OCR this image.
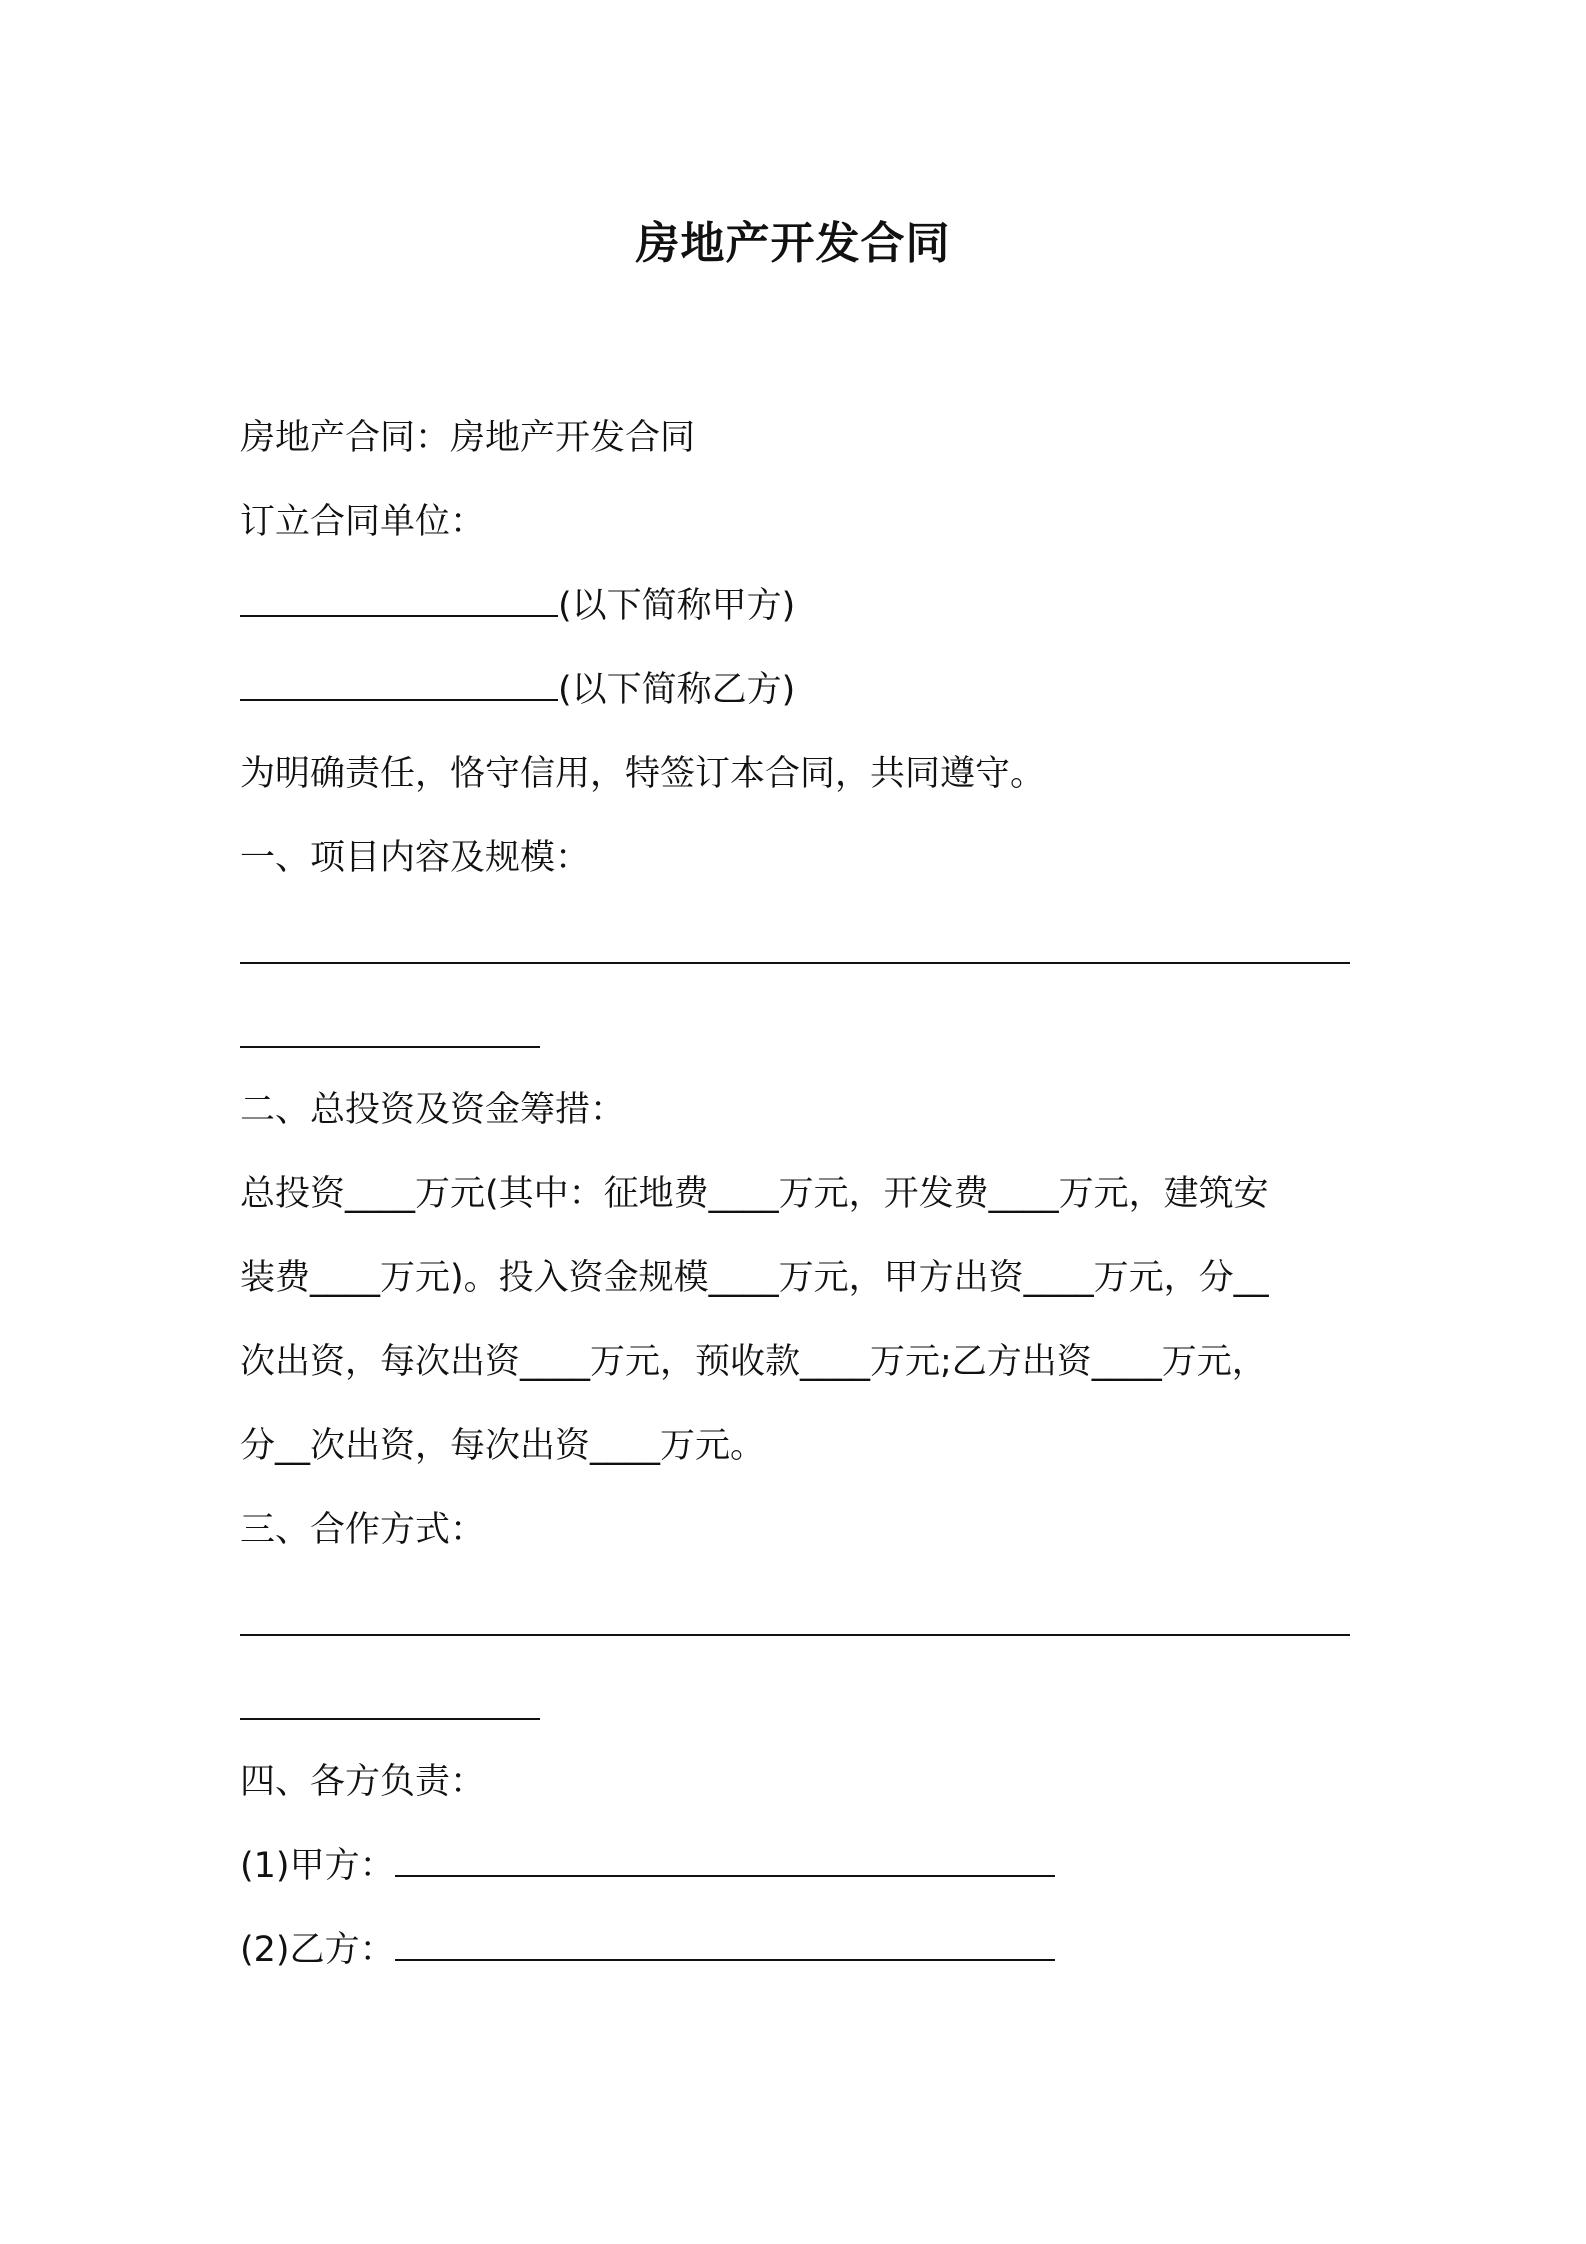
房地产开发合同
房地产合同：房地产开发合同
订立合同单位：
(以下简称甲方)
(以下简称乙方)
为明确责任，恪守信用，特签订本合同，共同遵守。
一、项目内容及规模：
二、总投资及资金筹措：
总投资____万元(其中：征地费____万元，开发费____万元，建筑安
装费____万元)。投入资金规模____万元，甲方出资____万元，分__
次出资，每次出资____万元，预收款____万元;乙方出资____万元，
分__次出资，每次出资____万元。
三、合作方式：
四、各方负责：
(1)甲方：
(2)乙方：
